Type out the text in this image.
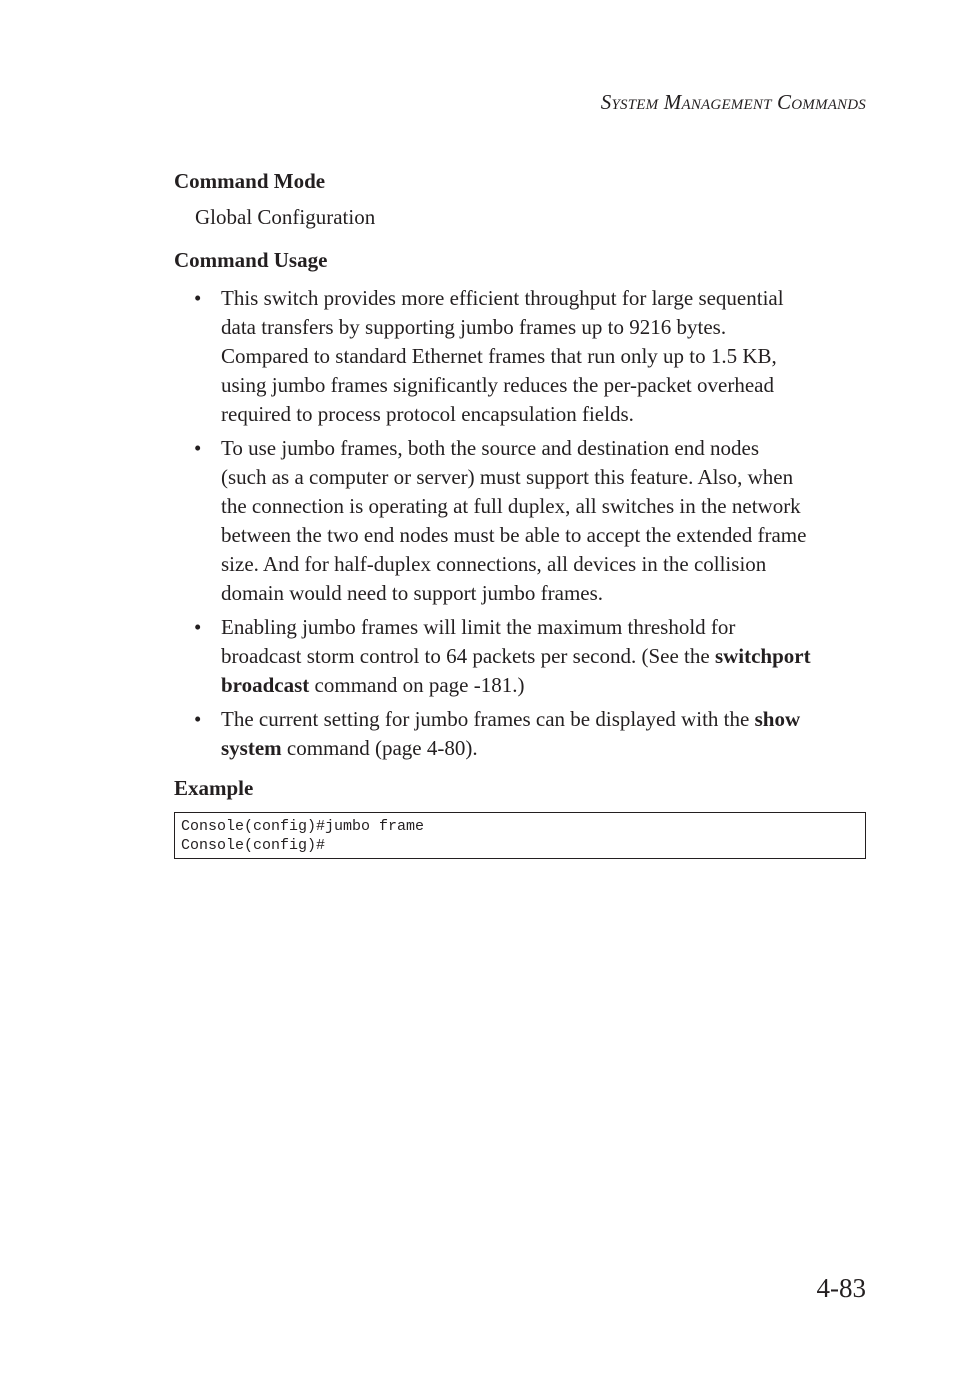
System Management Commands
Command Mode
Global Configuration
Command Usage
• This switch provides more efficient throughput for large sequential
data transfers by supporting jumbo frames up to 9216 bytes.
Compared to standard Ethernet frames that run only up to 1.5 KB,
using jumbo frames significantly reduces the per-packet overhead
required to process protocol encapsulation fields.
• To use jumbo frames, both the source and destination end nodes
(such as a computer or server) must support this feature. Also, when
the connection is operating at full duplex, all switches in the network
between the two end nodes must be able to accept the extended frame
size. And for half-duplex connections, all devices in the collision
domain would need to support jumbo frames.
• Enabling jumbo frames will limit the maximum threshold for
broadcast storm control to 64 packets per second. (See the switchport
broadcast command on page -181.)
• The current setting for jumbo frames can be displayed with the show
system command (page 4-80).
Example
Console(config)#jumbo frame
Console(config)#
4-83
